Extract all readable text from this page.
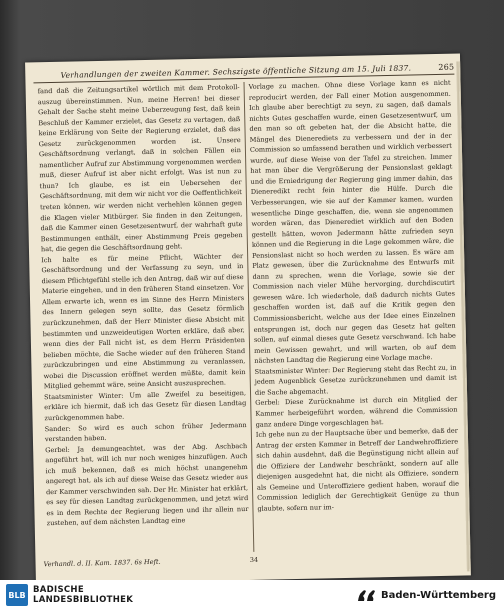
Verhandlungen der zweiten Kammer. Sechszigste öffentliche Sitzung am 15. Juli 1837.	265

fand daß die Zeitungsartikel wörtlich mit dem Protokoll-auszug übereinstimmen. Nun, meine Herren! bei dieser Gehalt der Sache steht meine Ueberzeugung fest, daß kein Beschluß der Kammer erzielet, das Gesetz zu vertagen, daß keine Erklärung von Seite der Regierung erzielet, daß das Gesetz zurückgenommen worden ist. Unsere Geschäftsordnung verlangt, daß in solchen Fällen ein namentlicher Aufruf zur Abstimmung vorgenommen werden muß, dieser Aufruf ist aber nicht erfolgt. Was ist nun zu thun? Ich glaube, es ist ein Uebersehen der Geschäftsordnung, mit dem wir nicht vor die Oeffentlichkeit treten können, wir werden nicht verhehlen können gegen die Klagen vieler Mitbürger. Sie finden in den Zeitungen, daß die Kammer einen Gesetzesentwurf, der wahrhaft gute Bestimmungen enthält, einer Abstimmung Preis gegeben hat, die gegen die Geschäftsordnung geht.

Ich halte es für meine Pflicht, Wächter der Geschäftsordnung und der Verfassung zu seyn, und in diesem Pflichtgefühl stelle ich den Antrag, daß wir auf diese Materie eingehen, und in den früheren Stand einsetzen. Vor Allem erwarte ich, wenn es im Sinne des Herrn Ministers des Innern gelegen seyn sollte, das Gesetz förmlich zurückzunehmen, daß der Herr Minister diese Absicht mit bestimmten und unzweideutigen Worten erkläre, daß aber, wenn dies der Fall nicht ist, es dem Herrn Präsidenten belieben möchte, die Sache wieder auf den früheren Stand zurückzubringen und eine Abstimmung zu veranlassen, wobei die Discussion eröffnet werden müßte, damit kein Mitglied gehemmt wäre, seine Ansicht auszusprechen.

Staatsminister Winter: Um alle Zweifel zu beseitigen, erkläre ich hiermit, daß ich das Gesetz für diesen Landtag zurückgenommen habe.

Sander: So wird es auch schon früher Jedermann verstanden haben.

Gerbel: Ja demungeachtet, was der Abg. Aschbach angeführt hat, will ich nur noch weniges hinzufügen. Auch ich muß bekennen, daß es mich höchst unangenehm angeregt hat, als ich auf diese Weise das Gesetz wieder aus der Kammer verschwinden sah. Der Hr. Minister hat erklärt, es sey für diesen Landtag zurückgenommen, und jetzt wird es in dem Rechte der Regierung liegen und ihr allein nur zustehen, auf dem nächsten Landtag eine

Vorlage zu machen. Ohne diese Vorlage kann es nicht reproducirt werden, der Fall einer Motion ausgenommen. Ich glaube aber berechtigt zu seyn, zu sagen, daß damals nichts Gutes geschaffen wurde, einen Gesetzesentwurf, um den man so oft gebeten hat, der die Absicht hatte, die Mängel des Dienerediets zu verbessern und der in der Commission so umfassend berathen und wirklich verbessert wurde, auf diese Weise von der Tafel zu streichen. Immer hat man über die Vergrößerung der Pensionslast geklagt und die Erniedrigung der Regierung ging immer dahin, das Dieneredikt recht fein hinter die Hülfe. Durch die Verbesserungen, wie sie auf der Kammer kamen, wurden wesentliche Dinge geschaffen, die, wenn sie angenommen worden wären, das Dienerediet wirklich auf den Boden gestellt hätten, wovon Jedermann hätte zufrieden seyn können und die Regierung in die Lage gekommen wäre, die Pensionslast nicht so hoch werden zu lassen. Es wäre am Platz gewesen, über die Zurücknahme des Entwurfs mit dann zu sprechen, wenn die Vorlage, sowie sie der Commission nach vieler Mühe hervorging, durchdiscutirt gewesen wäre. Ich wiederhole, daß dadurch nichts Gutes geschaffen worden ist, daß auf die Kritik gegen den Commissionsbericht, welche aus der Idee eines Einzelnen entsprungen ist, doch nur gegen das Gesetz hat gelten sollen, auf einmal dieses gute Gesetz verschwand. Ich habe mein Gewissen gewahrt, und will warten, ob auf dem nächsten Landtag die Regierung eine Vorlage mache.

Staatsminister Winter: Der Regierung steht das Recht zu, in jedem Augenblick Gesetze zurückzunehmen und damit ist die Sache abgemacht.

Gerbel: Diese Zurücknahme ist durch ein Mitglied der Kammer herbeigeführt worden, während die Commission ganz andere Dinge vorgeschlagen hat.

Ich gehe nun zu der Hauptsache über und bemerke, daß der Antrag der ersten Kammer in Betreff der Landwehroffiziere sich dahin ausdehnt, daß die Begünstigung nicht allein auf die Offiziere der Landwehr beschränkt, sondern auf alle diejenigen ausgedehnt hat, die nicht als Offiziere, sondern als Gemeine und Unteroffiziere gedient haben, worauf die Commission lediglich der Gerechtigkeit Genüge zu thun glaubte, sofern nur im-

Verhandl. d. II. Kam. 1837. 6s Heft.	34
BLB BADISCHE
LANDESBIBLIOTHEK	Baden-Württemberg
